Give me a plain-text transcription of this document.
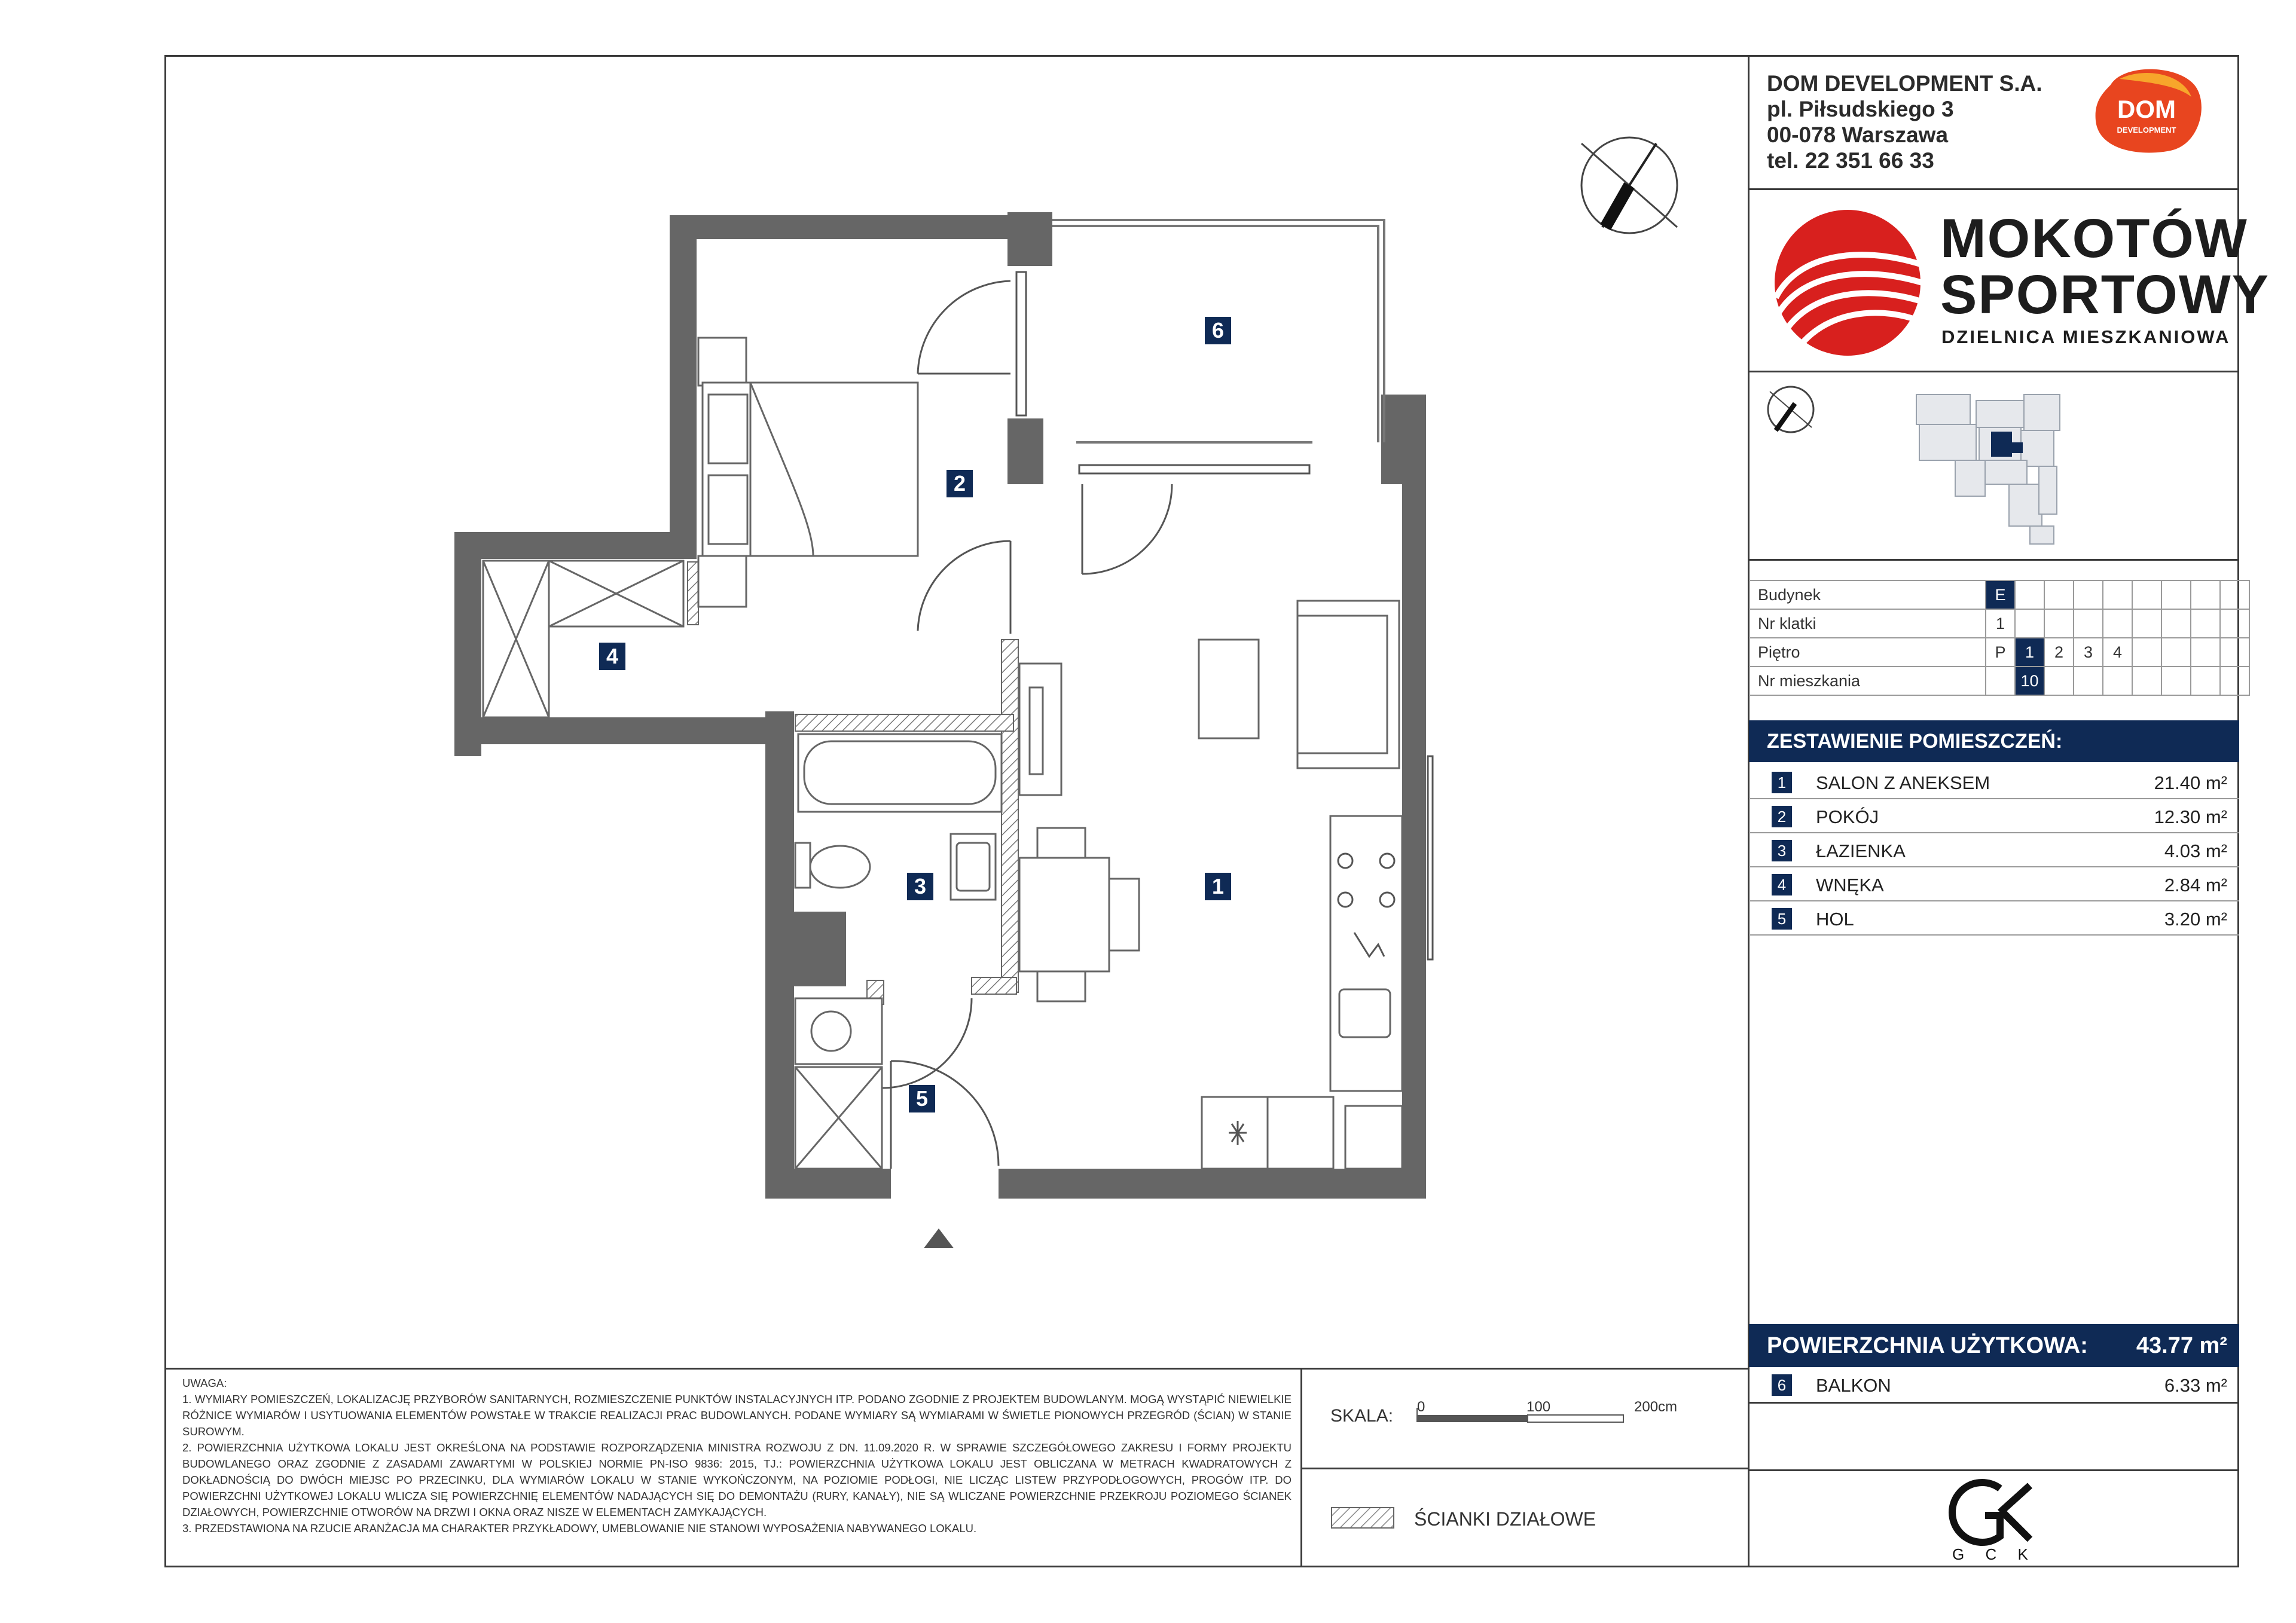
6
2
4
3	1
5
DOM DEVELOPMENT S.A.
pl. Piłsudskiego 3
00-078 Warszawa
tel. 22 351 66 33
DOM
DEVELOPMENT
MOKOTÓW
SPORTOWY
DZIELNICA MIESZKANIOWA
Budynek	E								
Nr klatki	1								
Piętro	P	1	2	3	4				
Nr mieszkania		10							
ZESTAWIENIE POMIESZCZEŃ:
1	SALON Z ANEKSEM	21.40 m²
2	POKÓJ	12.30 m²
3	ŁAZIENKA	4.03 m²
4	WNĘKA	2.84 m²
5	HOL	3.20 m²
POWIERZCHNIA UŻYTKOWA: 43.77 m²
6	BALKON	6.33 m²

UWAGA:

1. WYMIARY POMIESZCZEŃ, LOKALIZACJĘ PRZYBORÓW SANITARNYCH, ROZMIESZCZENIE PUNKTÓW INSTALACYJNYCH ITP. PODANO ZGODNIE Z PROJEKTEM BUDOWLANYM. MOGĄ WYSTĄPIĆ NIEWIELKIE RÓŻNICE WYMIARÓW I USYTUOWANIA ELEMENTÓW POWSTAŁE W TRAKCIE REALIZACJI PRAC BUDOWLANYCH. PODANE WYMIARY SĄ WYMIARAMI W ŚWIETLE PIONOWYCH PRZEGRÓD (ŚCIAN) W STANIE SUROWYM.

2. POWIERZCHNIA UŻYTKOWA LOKALU JEST OKREŚLONA NA PODSTAWIE ROZPORZĄDZENIA MINISTRA ROZWOJU Z DN. 11.09.2020 R. W SPRAWIE SZCZEGÓŁOWEGO ZAKRESU I FORMY PROJEKTU BUDOWLANEGO ORAZ ZGODNIE Z ZASADAMI ZAWARTYMI W POLSKIEJ NORMIE PN-ISO 9836: 2015, TJ.: POWIERZCHNIA UŻYTKOWA LOKALU JEST OBLICZANA W METRACH KWADRATOWYCH Z DOKŁADNOŚCIĄ DO DWÓCH MIEJSC PO PRZECINKU, DLA WYMIARÓW LOKALU W STANIE WYKOŃCZONYM, NA POZIOMIE PODŁOGI, NIE LICZĄC LISTEW PRZYPODŁOGOWYCH, PROGÓW ITP. DO POWIERZCHNI UŻYTKOWEJ LOKALU WLICZA SIĘ POWIERZCHNIĘ ELEMENTÓW NADAJĄCYCH SIĘ DO DEMONTAŻU (RURY, KANAŁY), NIE SĄ WLICZANE POWIERZCHNIE PRZEKROJU POZIOMEGO ŚCIANEK DZIAŁOWYCH, POWIERZCHNIE OTWORÓW NA DRZWI I OKNA ORAZ NISZE W ELEMENTACH ZAMYKAJĄCYCH.

3. PRZEDSTAWIONA NA RZUCIE ARANŻACJA MA CHARAKTER PRZYKŁADOWY, UMEBLOWANIE NIE STANOWI WYPOSAŻENIA NABYWANEGO LOKALU.

SKALA: 0	100	200cm
ŚCIANKI DZIAŁOWE
G C K
